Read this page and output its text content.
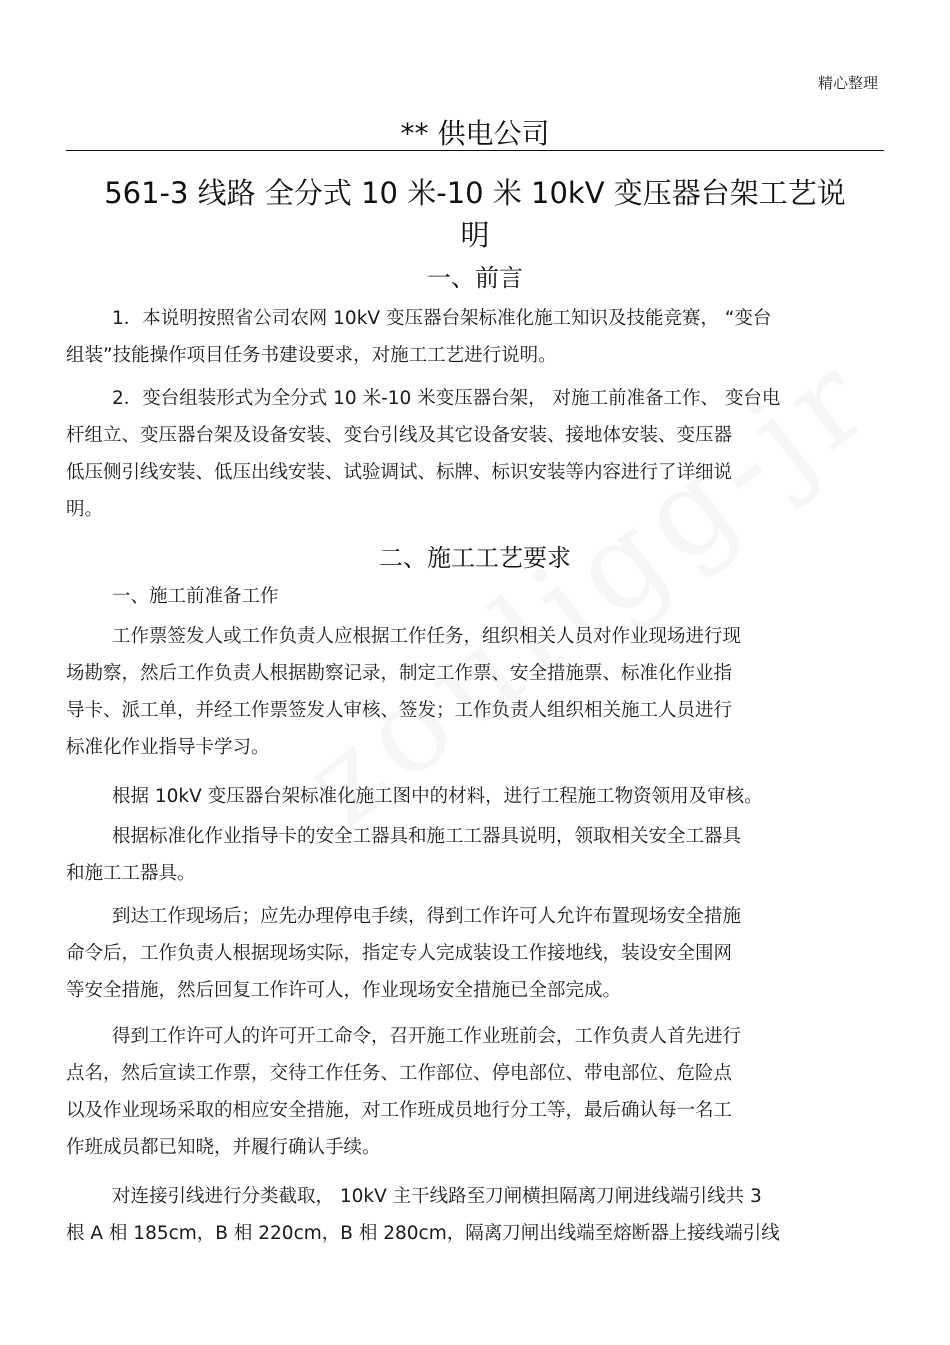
精心整理
** 供电公司
561-3 线路 全分式 10 米-10 米 10kV 变压器台架工艺说
明
一、前言
1．本说明按照省公司农网 10kV 变压器台架标准化施工知识及技能竞赛， “变台
组装”技能操作项目任务书建设要求，对施工工艺进行说明。
2．变台组装形式为全分式 10 米-10 米变压器台架， 对施工前准备工作、 变台电
杆组立、变压器台架及设备安装、变台引线及其它设备安装、接地体安装、变压器
低压侧引线安装、低压出线安装、试验调试、标牌、标识安装等内容进行了详细说
明。
二、施工工艺要求
一、施工前准备工作
工作票签发人或工作负责人应根据工作任务，组织相关人员对作业现场进行现
场勘察，然后工作负责人根据勘察记录，制定工作票、安全措施票、标准化作业指
导卡、派工单，并经工作票签发人审核、签发；工作负责人组织相关施工人员进行
标准化作业指导卡学习。
根据 10kV 变压器台架标准化施工图中的材料，进行工程施工物资领用及审核。
根据标准化作业指导卡的安全工器具和施工工器具说明，领取相关安全工器具
和施工工器具。
到达工作现场后；应先办理停电手续，得到工作许可人允许布置现场安全措施
命令后，工作负责人根据现场实际，指定专人完成装设工作接地线，装设安全围网
等安全措施，然后回复工作许可人，作业现场安全措施已全部完成。
得到工作许可人的许可开工命令，召开施工作业班前会，工作负责人首先进行
点名，然后宣读工作票，交待工作任务、工作部位、停电部位、带电部位、危险点
以及作业现场采取的相应安全措施，对工作班成员地行分工等，最后确认每一名工
作班成员都已知晓，并履行确认手续。
对连接引线进行分类截取， 10kV 主干线路至刀闸横担隔离刀闸进线端引线共 3
根 A 相 185cm，B 相 220cm，B 相 280cm，隔离刀闸出线端至熔断器上接线端引线
